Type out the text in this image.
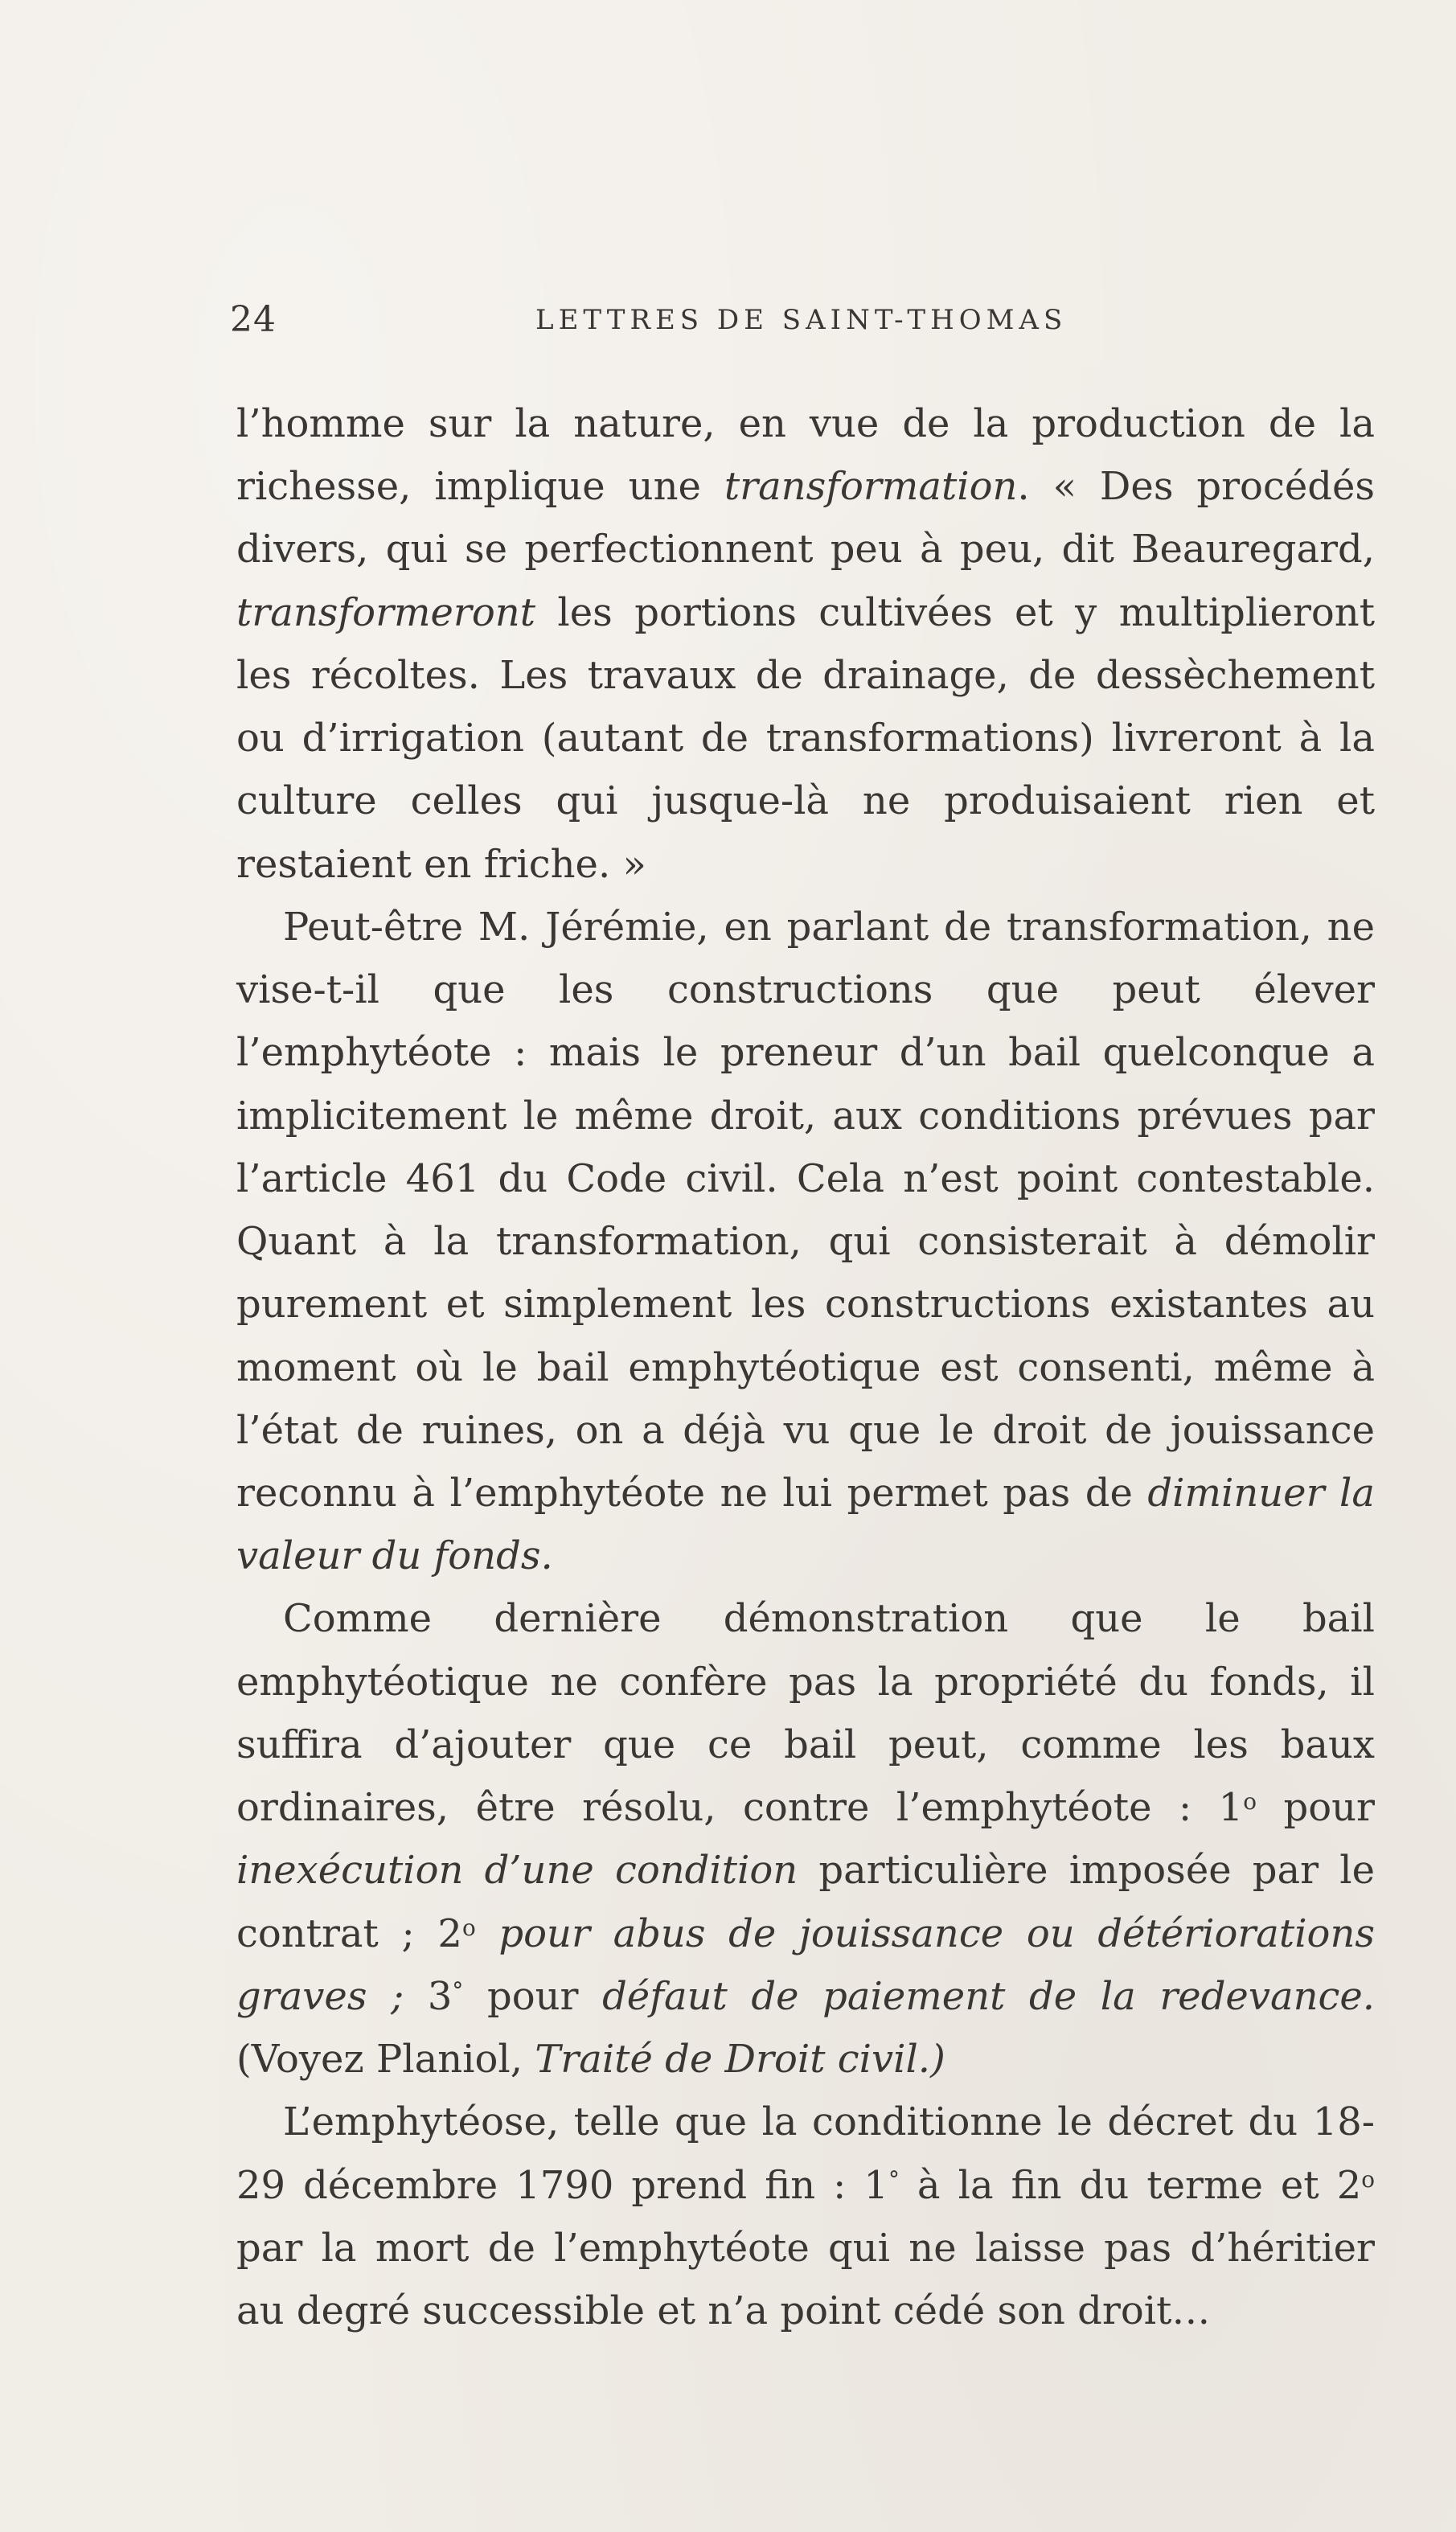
24	LETTRES DE SAINT-THOMAS

l’homme sur la nature, en vue de la production de la richesse, implique une transformation. « Des procédés divers, qui se perfectionnent peu à peu, dit Beauregard, transformeront les portions cultivées et y multiplieront les récoltes. Les travaux de drainage, de dessèchement ou d’irrigation (autant de transformations) livreront à la culture celles qui jusque-là ne produisaient rien et restaient en friche. »

Peut-être M. Jérémie, en parlant de transformation, ne vise-t-il que les constructions que peut élever l’emphytéote : mais le preneur d’un bail quelconque a implicitement le même droit, aux conditions prévues par l’article 461 du Code civil. Cela n’est point contestable. Quant à la transformation, qui consisterait à démolir purement et simplement les constructions existantes au moment où le bail emphytéotique est consenti, même à l’état de ruines, on a déjà vu que le droit de jouissance reconnu à l’emphytéote ne lui permet pas de diminuer la valeur du fonds.

Comme dernière démonstration que le bail emphytéotique ne confère pas la propriété du fonds, il suffira d’ajouter que ce bail peut, comme les baux ordinaires, être résolu, contre l’emphytéote : 1$^o$ pour inexécution d’une condition particulière imposée par le contrat ; 2$^o$ pour abus de jouissance ou détériorations graves ; 3° pour défaut de paiement de la redevance. (Voyez Planiol, Traité de Droit civil.)

L’emphytéose, telle que la conditionne le décret du 18-29 décembre 1790 prend fin : 1° à la fin du terme et 2$^o$ par la mort de l’emphytéote qui ne laisse pas d’héritier au degré successible et n’a point cédé son droit…
